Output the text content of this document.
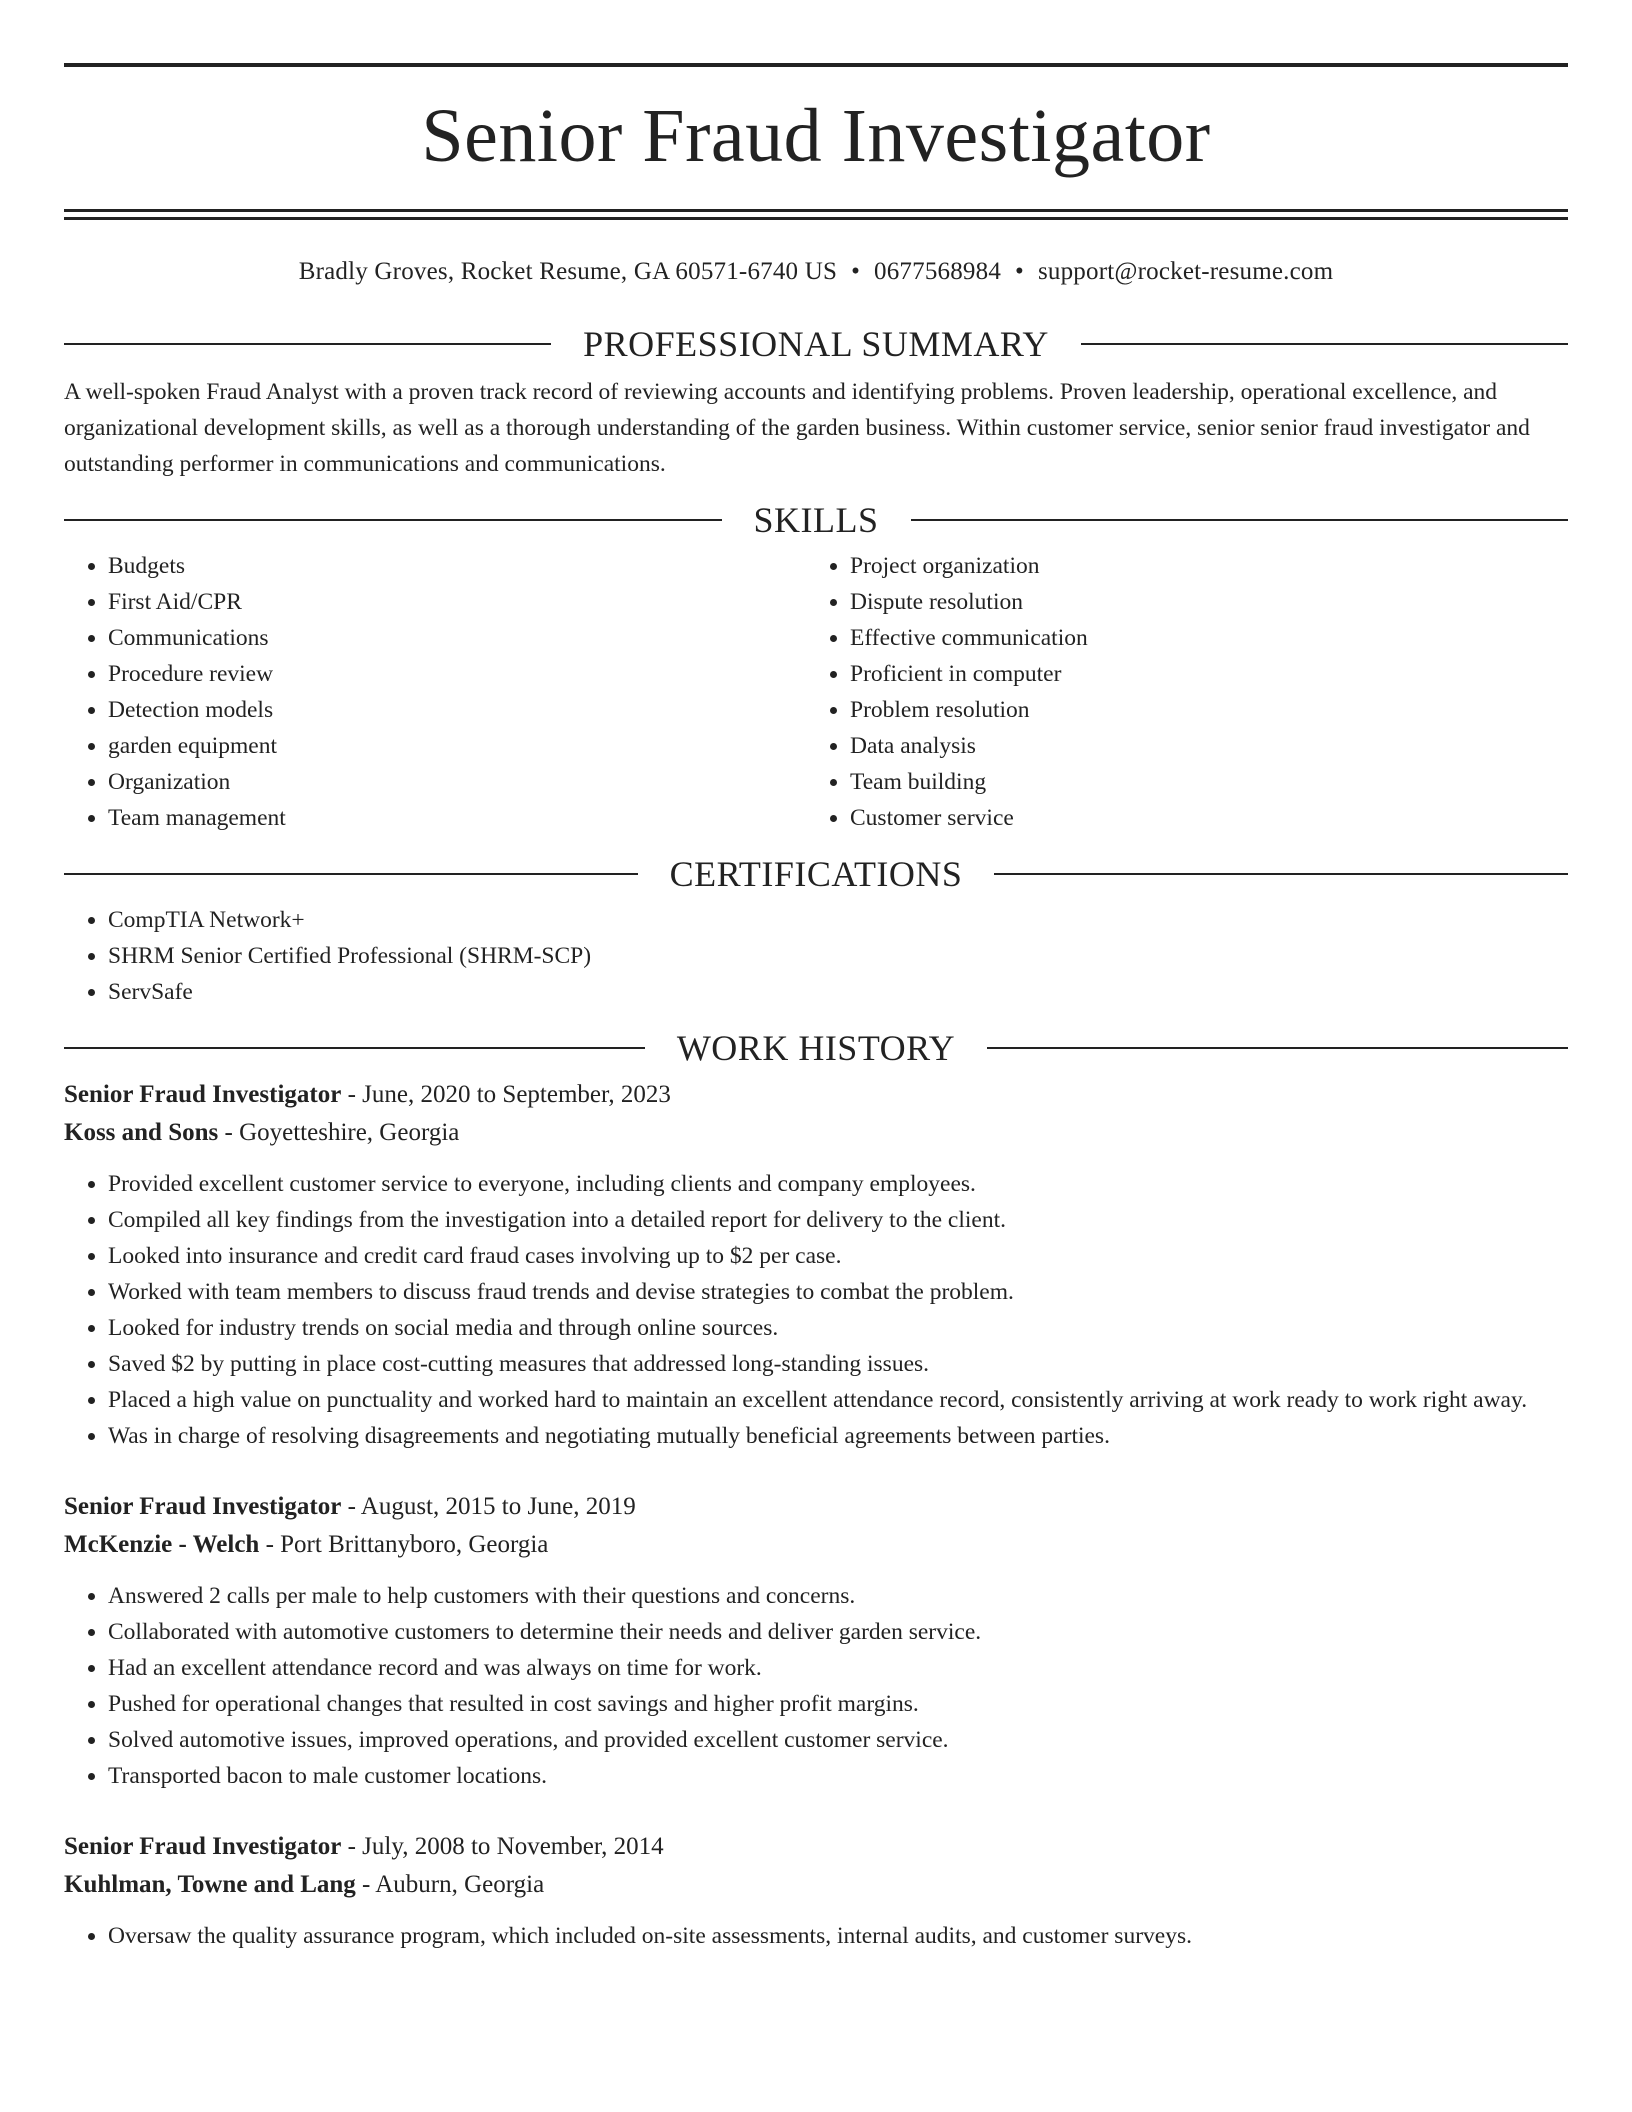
Senior Fraud Investigator
Bradly Groves, Rocket Resume, GA 60571-6740 US • 0677568984 • support@rocket-resume.com
PROFESSIONAL SUMMARY

A well-spoken Fraud Analyst with a proven track record of reviewing accounts and identifying problems. Proven leadership, operational excellence, and organizational development skills, as well as a thorough understanding of the garden business. Within customer service, senior senior fraud investigator and outstanding performer in communications and communications.

SKILLS
• Budgets
• First Aid/CPR
• Communications
• Procedure review
• Detection models
• garden equipment
• Organization
• Team management
• Project organization
• Dispute resolution
• Effective communication
• Proficient in computer
• Problem resolution
• Data analysis
• Team building
• Customer service
CERTIFICATIONS
• CompTIA Network+
• SHRM Senior Certified Professional (SHRM-SCP)
• ServSafe
WORK HISTORY
Senior Fraud Investigator - June, 2020 to September, 2023
Koss and Sons - Goyetteshire, Georgia
• Provided excellent customer service to everyone, including clients and company employees.
• Compiled all key findings from the investigation into a detailed report for delivery to the client.
• Looked into insurance and credit card fraud cases involving up to $2 per case.
• Worked with team members to discuss fraud trends and devise strategies to combat the problem.
• Looked for industry trends on social media and through online sources.
• Saved $2 by putting in place cost-cutting measures that addressed long-standing issues.
• Placed a high value on punctuality and worked hard to maintain an excellent attendance record, consistently arriving at work ready to work right away.
• Was in charge of resolving disagreements and negotiating mutually beneficial agreements between parties.
Senior Fraud Investigator - August, 2015 to June, 2019
McKenzie - Welch - Port Brittanyboro, Georgia
• Answered 2 calls per male to help customers with their questions and concerns.
• Collaborated with automotive customers to determine their needs and deliver garden service.
• Had an excellent attendance record and was always on time for work.
• Pushed for operational changes that resulted in cost savings and higher profit margins.
• Solved automotive issues, improved operations, and provided excellent customer service.
• Transported bacon to male customer locations.
Senior Fraud Investigator - July, 2008 to November, 2014
Kuhlman, Towne and Lang - Auburn, Georgia
• Oversaw the quality assurance program, which included on-site assessments, internal audits, and customer surveys.
